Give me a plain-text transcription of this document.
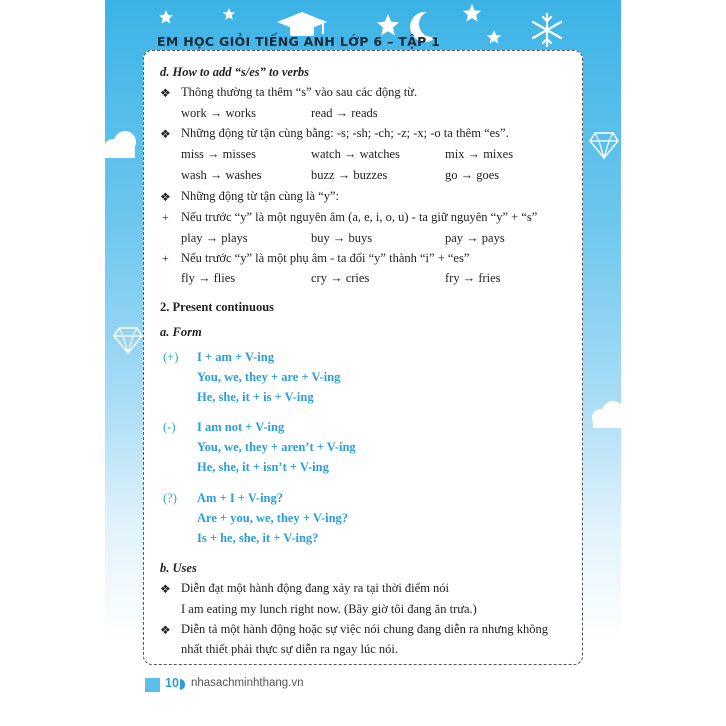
EM HỌC GIỎI TIẾNG ANH LỚP 6 – TẬP 1
d. How to add “s/es” to verbs
❖ Thông thường ta thêm “s” vào sau các động từ.
work → works	read → reads
❖ Những động từ tận cùng bằng: -s; -sh; -ch; -z; -x; -o ta thêm “es”.
miss → misses	watch → watches	mix → mixes
wash → washes	buzz → buzzes	go → goes
❖ Những động từ tận cùng là “y”:
+ Nếu trước “y” là một nguyên âm (a, e, i, o, u) - ta giữ nguyên “y” + “s”
play → plays	buy → buys	pay → pays
+ Nếu trước “y” là một phụ âm - ta đổi “y” thành “i” + “es”
fly → flies	cry → cries	fry → fries
2. Present continuous
a. Form
(+) I + am + V-ing
You, we, they + are + V-ing
He, she, it + is + V-ing
(-) I am not + V-ing
You, we, they + aren’t + V-ing
He, she, it + isn’t + V-ing
(?) Am + I + V-ing?
Are + you, we, they + V-ing?
Is + he, she, it + V-ing?
b. Uses
❖ Diễn đạt một hành động đang xảy ra tại thời điểm nói
I am eating my lunch right now. (Bây giờ tôi đang ăn trưa.)
❖ Diễn tả một hành động hoặc sự việc nói chung đang diễn ra nhưng không
nhất thiết phải thực sự diễn ra ngay lúc nói.
10 nhasachminhthang.vn
